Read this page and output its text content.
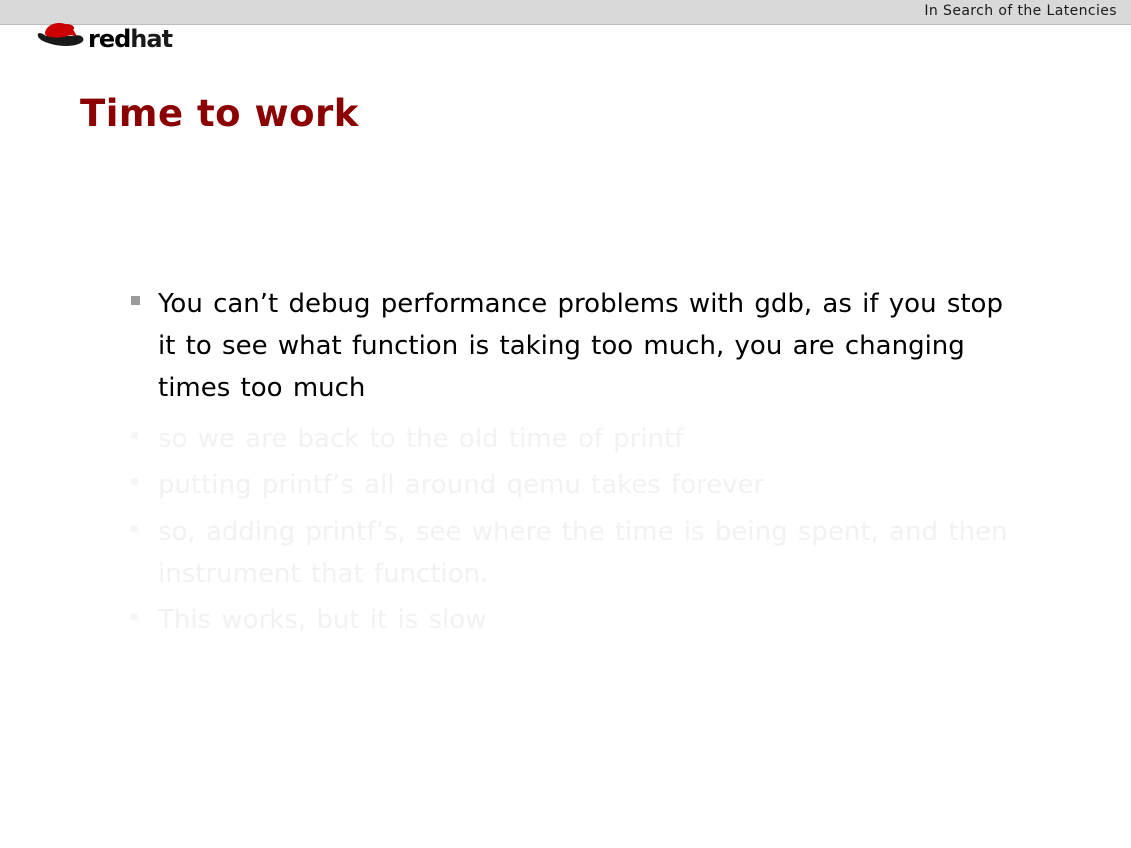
In Search of the Latencies
redhat
Time to work
You can’t debug performance problems with gdb, as if you stop it to see what function is taking too much, you are changing times too much
so we are back to the old time of printf
putting printf’s all around qemu takes forever
so, adding printf’s, see where the time is being spent, and then instrument that function.
This works, but it is slow
